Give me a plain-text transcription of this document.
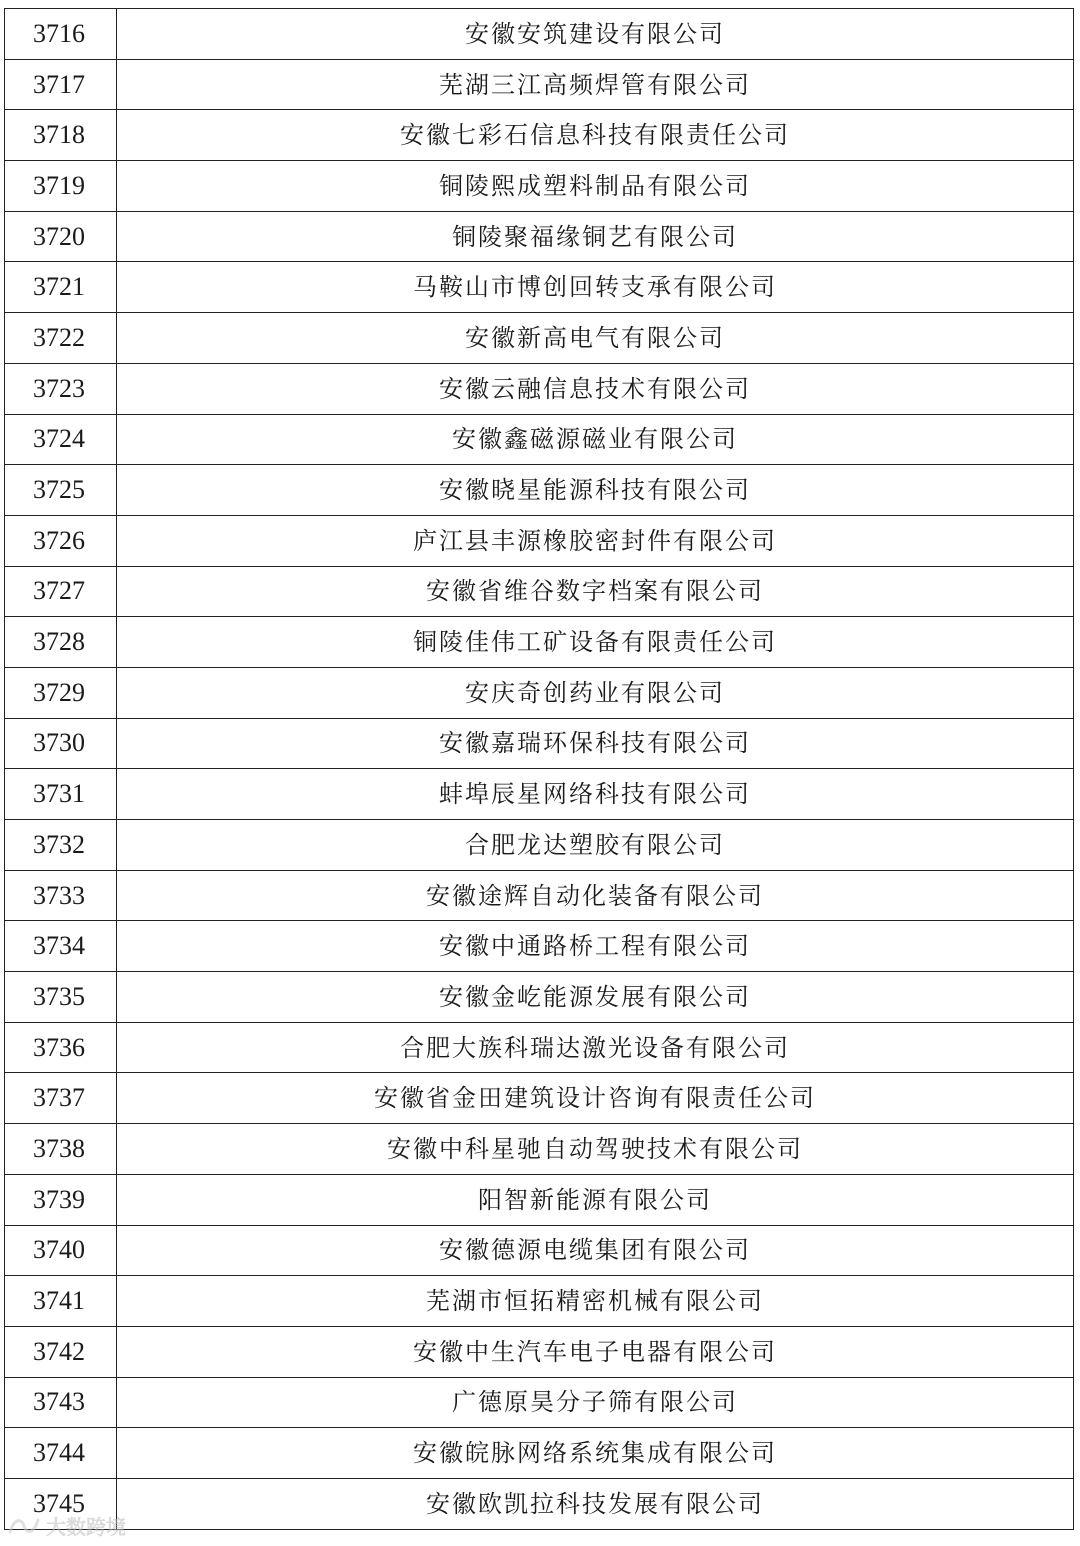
3716	安徽安筑建设有限公司
3717	芜湖三江高频焊管有限公司
3718	安徽七彩石信息科技有限责任公司
3719	铜陵熙成塑料制品有限公司
3720	铜陵聚福缘铜艺有限公司
3721	马鞍山市博创回转支承有限公司
3722	安徽新高电气有限公司
3723	安徽云融信息技术有限公司
3724	安徽鑫磁源磁业有限公司
3725	安徽晓星能源科技有限公司
3726	庐江县丰源橡胶密封件有限公司
3727	安徽省维谷数字档案有限公司
3728	铜陵佳伟工矿设备有限责任公司
3729	安庆奇创药业有限公司
3730	安徽嘉瑞环保科技有限公司
3731	蚌埠辰星网络科技有限公司
3732	合肥龙达塑胶有限公司
3733	安徽途辉自动化装备有限公司
3734	安徽中通路桥工程有限公司
3735	安徽金屹能源发展有限公司
3736	合肥大族科瑞达激光设备有限公司
3737	安徽省金田建筑设计咨询有限责任公司
3738	安徽中科星驰自动驾驶技术有限公司
3739	阳智新能源有限公司
3740	安徽德源电缆集团有限公司
3741	芜湖市恒拓精密机械有限公司
3742	安徽中生汽车电子电器有限公司
3743	广德原昊分子筛有限公司
3744	安徽皖脉网络系统集成有限公司
3745	安徽欧凯拉科技发展有限公司
大数跨境
